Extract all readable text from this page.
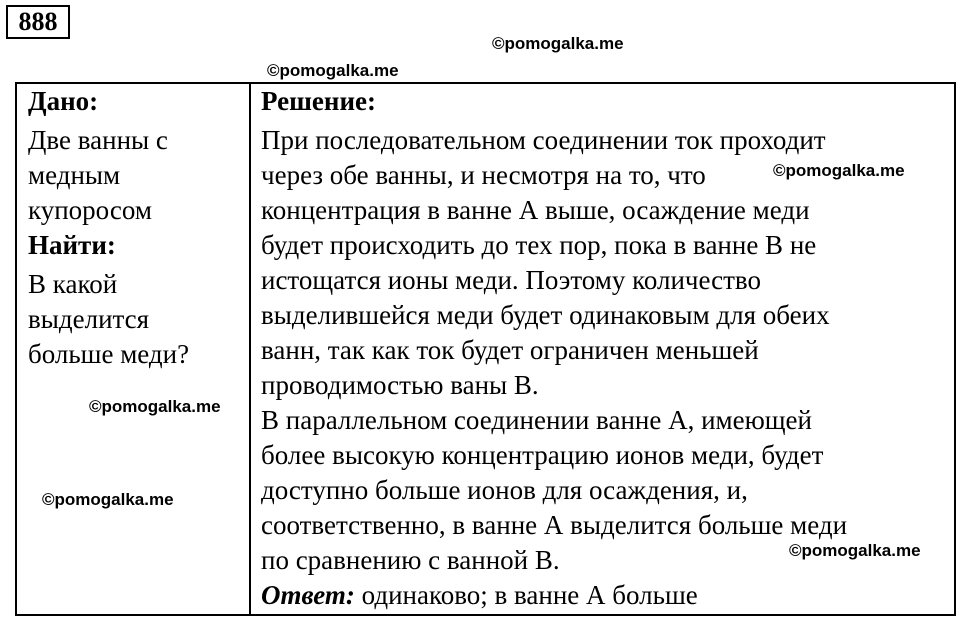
888
©pomogalka.me
©pomogalka.me
Дано:
Две ванны с
медным
купоросом
Найти:
В какой
выделится
больше меди?
Решение:
При последовательном соединении ток проходит
через обе ванны, и несмотря на то, что
концентрация в ванне А выше, осаждение меди
будет происходить до тех пор, пока в ванне В не
истощатся ионы меди. Поэтому количество
выделившейся меди будет одинаковым для обеих
ванн, так как ток будет ограничен меньшей
проводимостью ваны В.
В параллельном соединении ванне А, имеющей
более высокую концентрацию ионов меди, будет
доступно больше ионов для осаждения, и,
соответственно, в ванне А выделится больше меди
по сравнению с ванной В.
Ответ: одинаково; в ванне А больше
©pomogalka.me
©pomogalka.me
©pomogalka.me
©pomogalka.me
